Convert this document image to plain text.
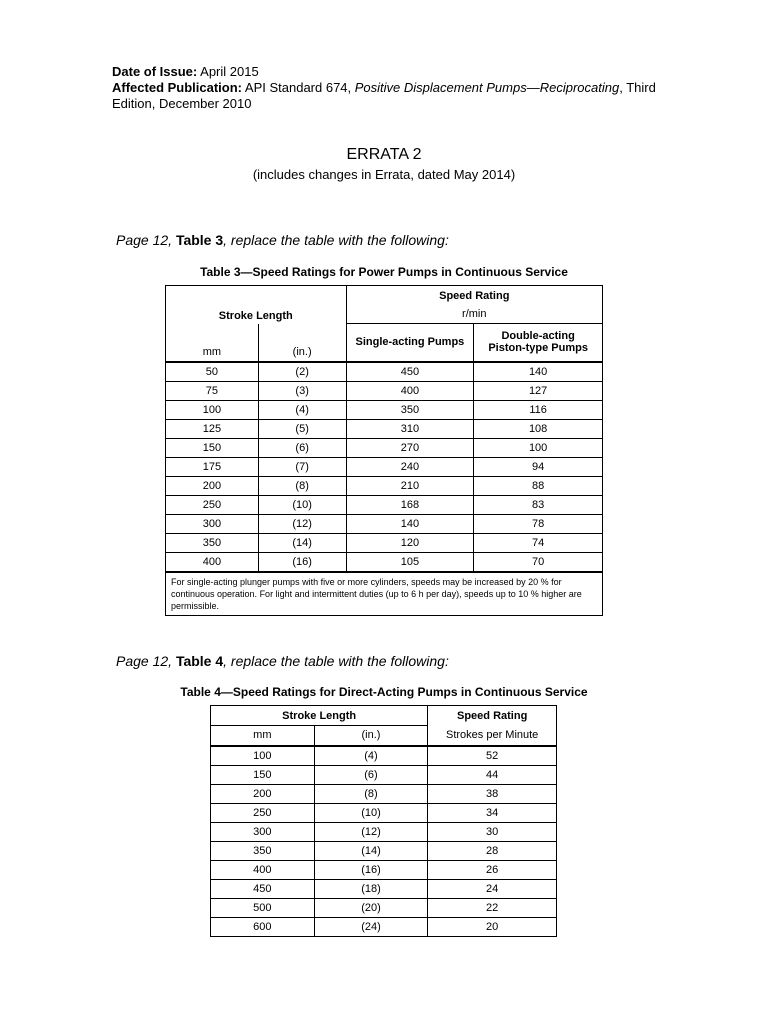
Date of Issue: April 2015
Affected Publication: API Standard 674, Positive Displacement Pumps—Reciprocating, Third Edition, December 2010
ERRATA 2
(includes changes in Errata, dated May 2014)
Page 12, Table 3, replace the table with the following:
Table 3—Speed Ratings for Power Pumps in Continuous Service
Stroke Length		Speed Rating	
		r/min	
mm	(in.)	Single-acting Pumps	Double-acting
Piston-type Pumps

50	(2)	450	140
75	(3)	400	127
100	(4)	350	116
125	(5)	310	108
150	(6)	270	100
175	(7)	240	94
200	(8)	210	88
250	(10)	168	83
300	(12)	140	78
350	(14)	120	74
400	(16)	105	70
For single-acting plunger pumps with five or more cylinders, speeds may be increased by 20 % for continuous operation. For light and intermittent duties (up to 6 h per day), speeds up to 10 % higher are permissible.			
Page 12, Table 4, replace the table with the following:
Table 4—Speed Ratings for Direct-Acting Pumps in Continuous Service
Stroke Length		Speed Rating
mm	(in.)	Strokes per Minute
100	(4)	52
150	(6)	44
200	(8)	38
250	(10)	34
300	(12)	30
350	(14)	28
400	(16)	26
450	(18)	24
500	(20)	22
600	(24)	20
